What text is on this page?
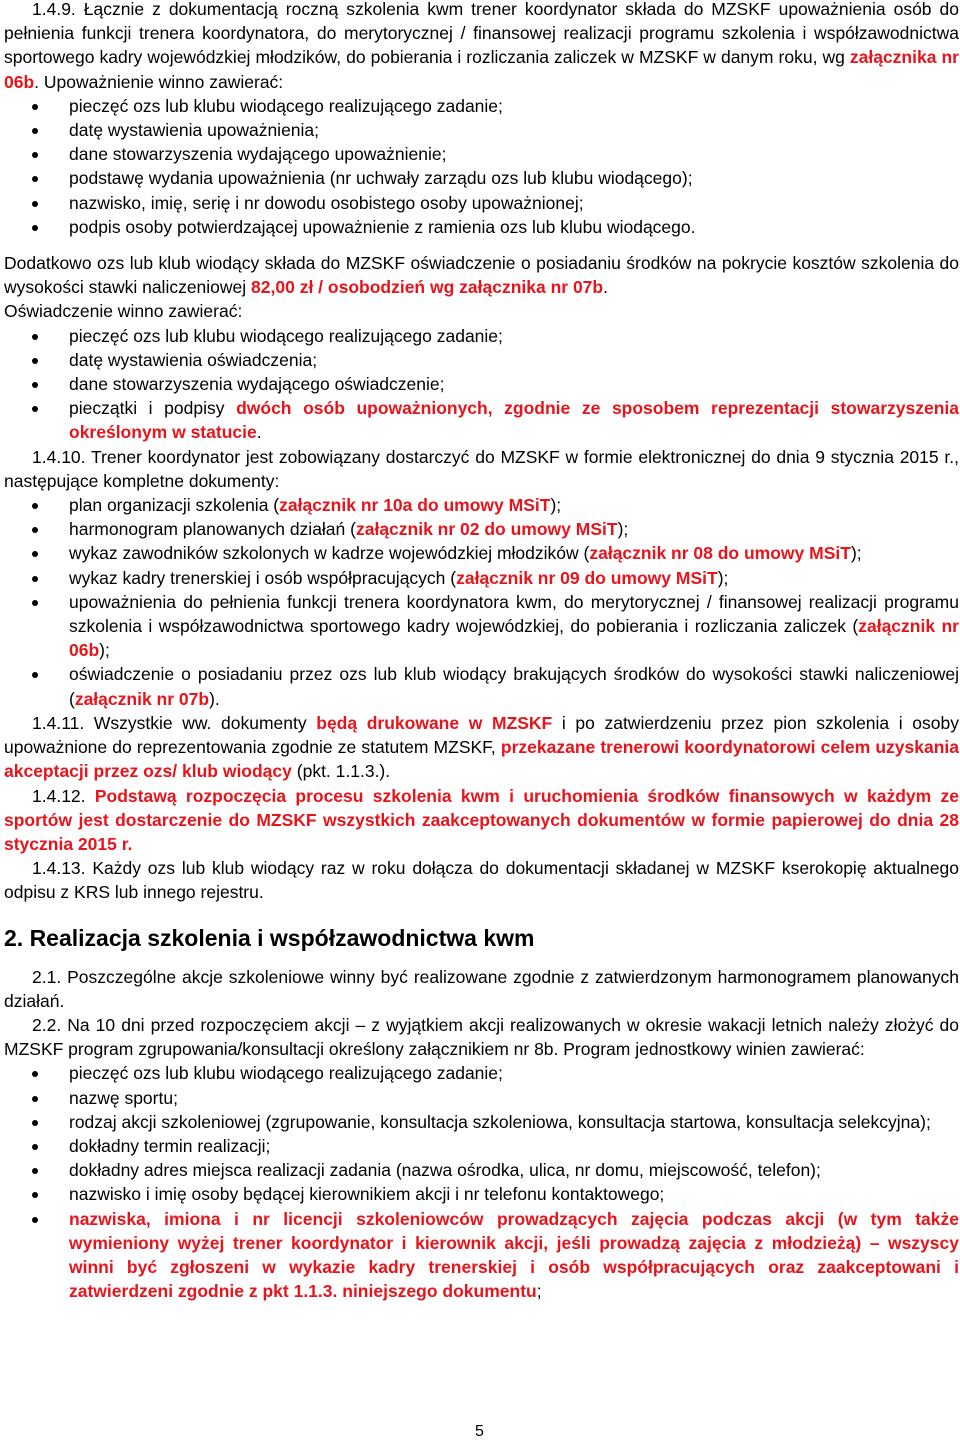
1.4.9. Łącznie z dokumentacją roczną szkolenia kwm trener koordynator składa do MZSKF upoważnienia osób do pełnienia funkcji trenera koordynatora, do merytorycznej / finansowej realizacji programu szkolenia i współzawodnictwa sportowego kadry wojewódzkiej młodzików, do pobierania i rozliczania zaliczek w MZSKF w danym roku, wg załącznika nr 06b. Upoważnienie winno zawierać:

pieczęć ozs lub klubu wiodącego realizującego zadanie;
datę wystawienia upoważnienia;
dane stowarzyszenia wydającego upoważnienie;
podstawę wydania upoważnienia (nr uchwały zarządu ozs lub klubu wiodącego);
nazwisko, imię, serię i nr dowodu osobistego osoby upoważnionej;
podpis osoby potwierdzającej upoważnienie z ramienia ozs lub klubu wiodącego.

Dodatkowo ozs lub klub wiodący składa do MZSKF oświadczenie o posiadaniu środków na pokrycie kosztów szkolenia do wysokości stawki naliczeniowej 82,00 zł / osobodzień wg załącznika nr 07b.

Oświadczenie winno zawierać:

pieczęć ozs lub klubu wiodącego realizującego zadanie;
datę wystawienia oświadczenia;
dane stowarzyszenia wydającego oświadczenie;
pieczątki i podpisy dwóch osób upoważnionych, zgodnie ze sposobem reprezentacji stowarzyszenia określonym w statucie.

1.4.10. Trener koordynator jest zobowiązany dostarczyć do MZSKF w formie elektronicznej do dnia 9 stycznia 2015 r., następujące kompletne dokumenty:

plan organizacji szkolenia (załącznik nr 10a do umowy MSiT);
harmonogram planowanych działań (załącznik nr 02 do umowy MSiT);
wykaz zawodników szkolonych w kadrze wojewódzkiej młodzików (załącznik nr 08 do umowy MSiT);
wykaz kadry trenerskiej i osób współpracujących (załącznik nr 09 do umowy MSiT);
upoważnienia do pełnienia funkcji trenera koordynatora kwm, do merytorycznej / finansowej realizacji programu szkolenia i współzawodnictwa sportowego kadry wojewódzkiej, do pobierania i rozliczania zaliczek (załącznik nr 06b);
oświadczenie o posiadaniu przez ozs lub klub wiodący brakujących środków do wysokości stawki naliczeniowej (załącznik nr 07b).

1.4.11. Wszystkie ww. dokumenty będą drukowane w MZSKF i po zatwierdzeniu przez pion szkolenia i osoby upoważnione do reprezentowania zgodnie ze statutem MZSKF, przekazane trenerowi koordynatorowi celem uzyskania akceptacji przez ozs/ klub wiodący (pkt. 1.1.3.).

1.4.12. Podstawą rozpoczęcia procesu szkolenia kwm i uruchomienia środków finansowych w każdym ze sportów jest dostarczenie do MZSKF wszystkich zaakceptowanych dokumentów w formie papierowej do dnia 28 stycznia 2015 r.

1.4.13. Każdy ozs lub klub wiodący raz w roku dołącza do dokumentacji składanej w MZSKF kserokopię aktualnego odpisu z KRS lub innego rejestru.

2. Realizacja szkolenia i współzawodnictwa kwm

2.1. Poszczególne akcje szkoleniowe winny być realizowane zgodnie z zatwierdzonym harmonogramem planowanych działań.

2.2. Na 10 dni przed rozpoczęciem akcji – z wyjątkiem akcji realizowanych w okresie wakacji letnich należy złożyć do MZSKF program zgrupowania/konsultacji określony załącznikiem nr 8b. Program jednostkowy winien zawierać:

pieczęć ozs lub klubu wiodącego realizującego zadanie;
nazwę sportu;
rodzaj akcji szkoleniowej (zgrupowanie, konsultacja szkoleniowa, konsultacja startowa, konsultacja selekcyjna);
dokładny termin realizacji;
dokładny adres miejsca realizacji zadania (nazwa ośrodka, ulica, nr domu, miejscowość, telefon);
nazwisko i imię osoby będącej kierownikiem akcji i nr telefonu kontaktowego;
nazwiska, imiona i nr licencji szkoleniowców prowadzących zajęcia podczas akcji (w tym także wymieniony wyżej trener koordynator i kierownik akcji, jeśli prowadzą zajęcia z młodzieżą) – wszyscy winni być zgłoszeni w wykazie kadry trenerskiej i osób współpracujących oraz zaakceptowani i zatwierdzeni zgodnie z pkt 1.1.3. niniejszego dokumentu;
5
